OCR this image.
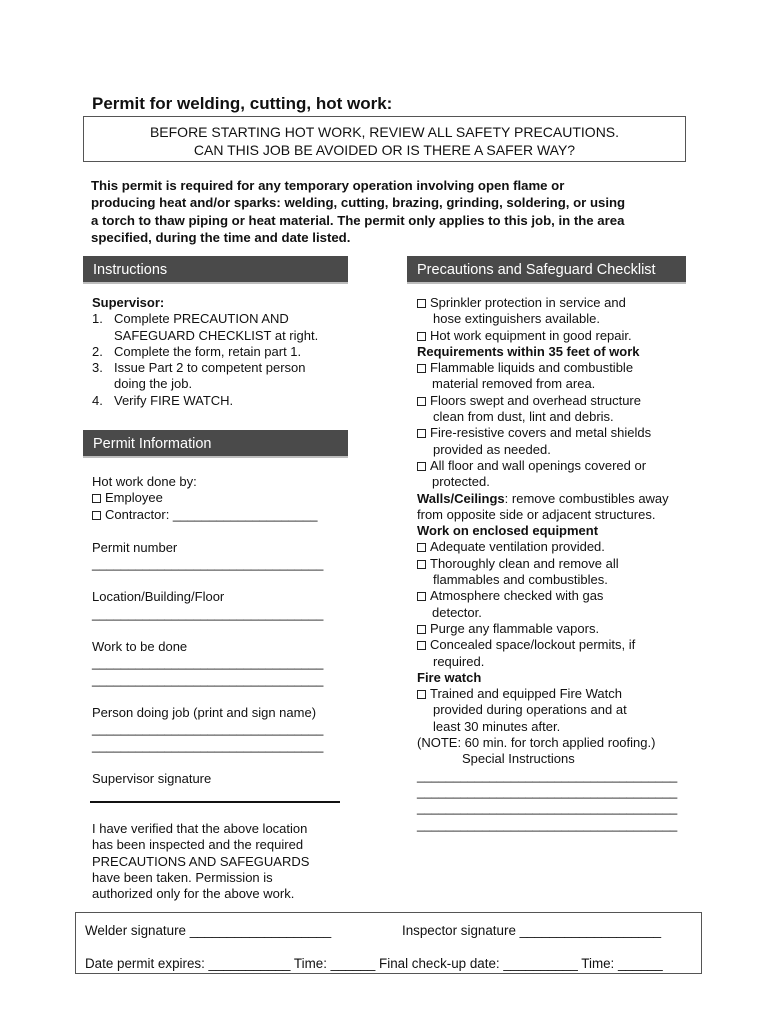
Permit for welding, cutting, hot work:
BEFORE STARTING HOT WORK, REVIEW ALL SAFETY PRECAUTIONS.
CAN THIS JOB BE AVOIDED OR IS THERE A SAFER WAY?
This permit is required for any temporary operation involving open flame or
producing heat and/or sparks: welding, cutting, brazing, grinding, soldering, or using
a torch to thaw piping or heat material. The permit only applies to this job, in the area
specified, during the time and date listed.
Instructions	Precautions and Safeguard Checklist
Supervisor:
1. Complete PRECAUTION AND
SAFEGUARD CHECKLIST at right.
2. Complete the form, retain part 1.
3. Issue Part 2 to competent person
doing the job.
4. Verify FIRE WATCH.
Permit Information
Hot work done by:
Employee
Contractor: ____________________
Permit number
________________________________
Location/Building/Floor
________________________________
Work to be done
________________________________
________________________________
Person doing job (print and sign name)
________________________________
________________________________
Supervisor signature
I have verified that the above location
has been inspected and the required
PRECAUTIONS AND SAFEGUARDS
have been taken. Permission is
authorized only for the above work.
Sprinkler protection in service and
hose extinguishers available.
Hot work equipment in good repair.
Requirements within 35 feet of work
Flammable liquids and combustible
material removed from area.
Floors swept and overhead structure
clean from dust, lint and debris.
Fire-resistive covers and metal shields
provided as needed.
All floor and wall openings covered or
protected.
Walls/Ceilings: remove combustibles away
from opposite side or adjacent structures.
Work on enclosed equipment
Adequate ventilation provided.
Thoroughly clean and remove all
flammables and combustibles.
Atmosphere checked with gas
detector.
Purge any flammable vapors.
Concealed space/lockout permits, if
required.
Fire watch
Trained and equipped Fire Watch
provided during operations and at
least 30 minutes after.
(NOTE: 60 min. for torch applied roofing.)
Special Instructions
____________________________________
____________________________________
____________________________________
____________________________________
Welder signature ___________________	Inspector signature ___________________
Date permit expires: ___________ Time: ______ Final check-up date: __________ Time: ______
